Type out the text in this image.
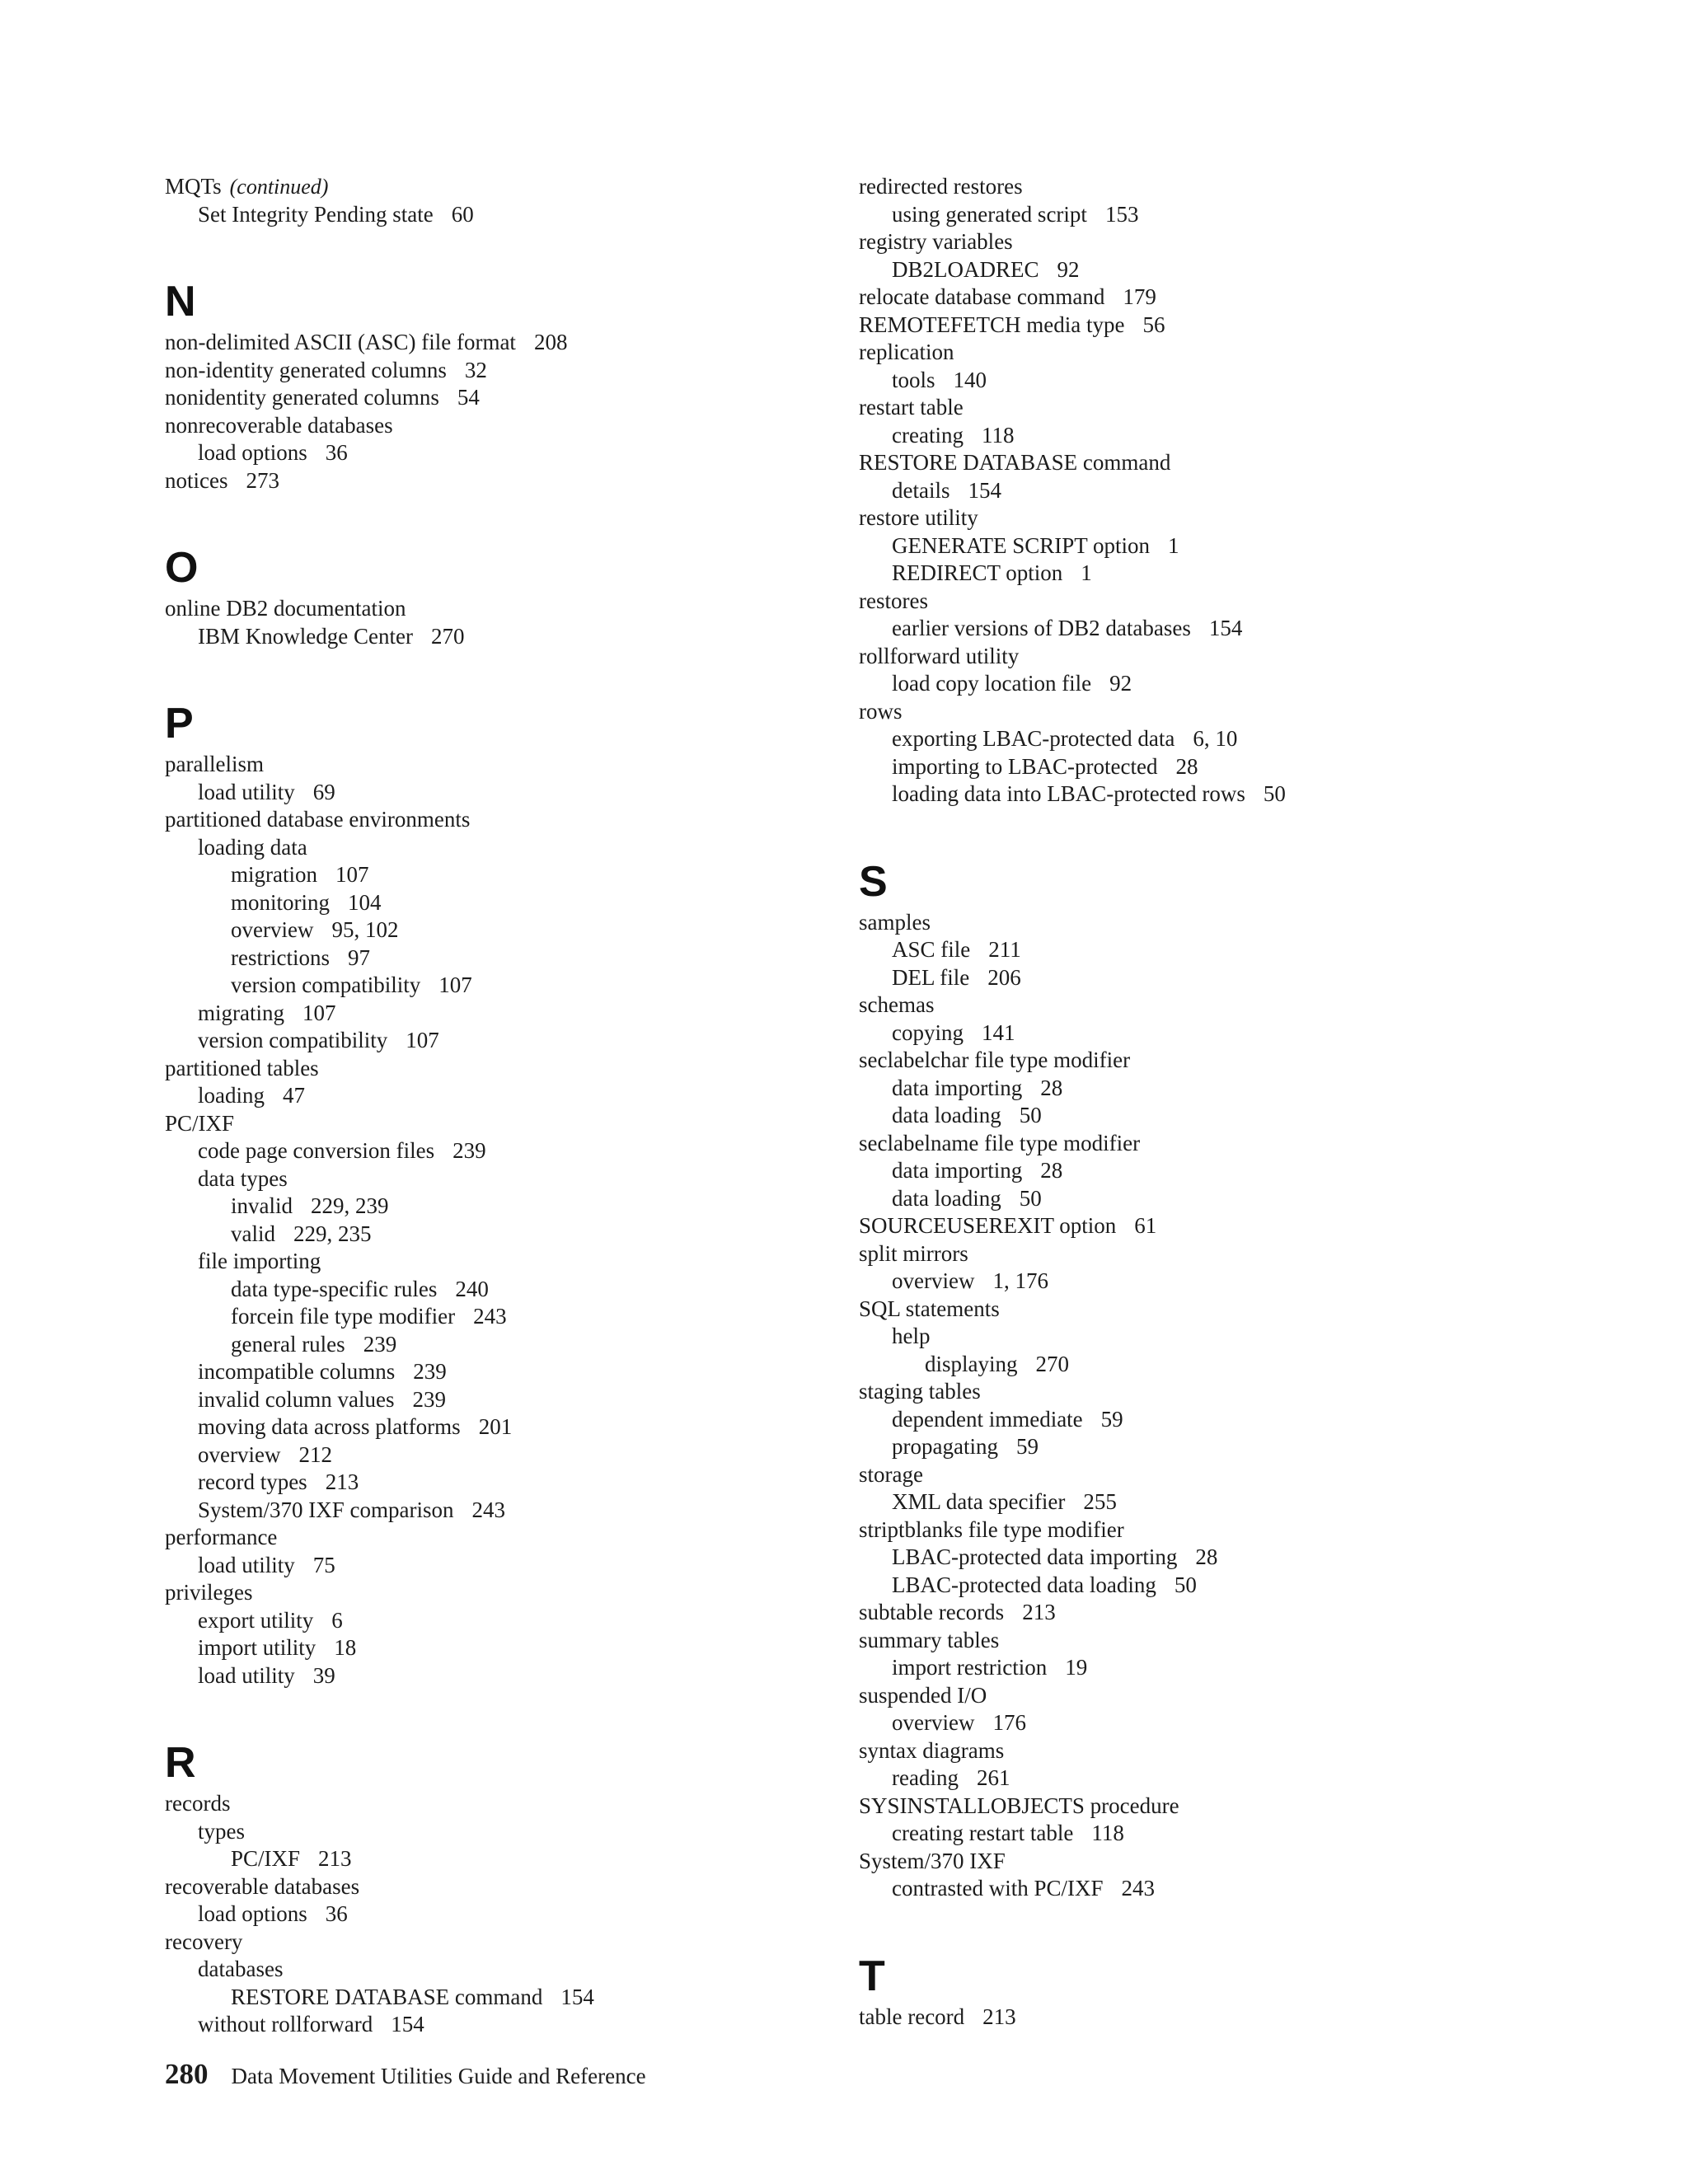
MQTs (continued)
Set Integrity Pending state 60
N
non-delimited ASCII (ASC) file format 208
non-identity generated columns 32
nonidentity generated columns 54
nonrecoverable databases
load options 36
notices 273
O
online DB2 documentation
IBM Knowledge Center 270
P
parallelism
load utility 69
partitioned database environments
loading data
migration 107
monitoring 104
overview 95, 102
restrictions 97
version compatibility 107
migrating 107
version compatibility 107
partitioned tables
loading 47
PC/IXF
code page conversion files 239
data types
invalid 229, 239
valid 229, 235
file importing
data type-specific rules 240
forcein file type modifier 243
general rules 239
incompatible columns 239
invalid column values 239
moving data across platforms 201
overview 212
record types 213
System/370 IXF comparison 243
performance
load utility 75
privileges
export utility 6
import utility 18
load utility 39
R
records
types
PC/IXF 213
recoverable databases
load options 36
recovery
databases
RESTORE DATABASE command 154
without rollforward 154
redirected restores
using generated script 153
registry variables
DB2LOADREC 92
relocate database command 179
REMOTEFETCH media type 56
replication
tools 140
restart table
creating 118
RESTORE DATABASE command
details 154
restore utility
GENERATE SCRIPT option 1
REDIRECT option 1
restores
earlier versions of DB2 databases 154
rollforward utility
load copy location file 92
rows
exporting LBAC-protected data 6, 10
importing to LBAC-protected 28
loading data into LBAC-protected rows 50
S
samples
ASC file 211
DEL file 206
schemas
copying 141
seclabelchar file type modifier
data importing 28
data loading 50
seclabelname file type modifier
data importing 28
data loading 50
SOURCEUSEREXIT option 61
split mirrors
overview 1, 176
SQL statements
help
displaying 270
staging tables
dependent immediate 59
propagating 59
storage
XML data specifier 255
striptblanks file type modifier
LBAC-protected data importing 28
LBAC-protected data loading 50
subtable records 213
summary tables
import restriction 19
suspended I/O
overview 176
syntax diagrams
reading 261
SYSINSTALLOBJECTS procedure
creating restart table 118
System/370 IXF
contrasted with PC/IXF 243
T
table record 213
280 Data Movement Utilities Guide and Reference
